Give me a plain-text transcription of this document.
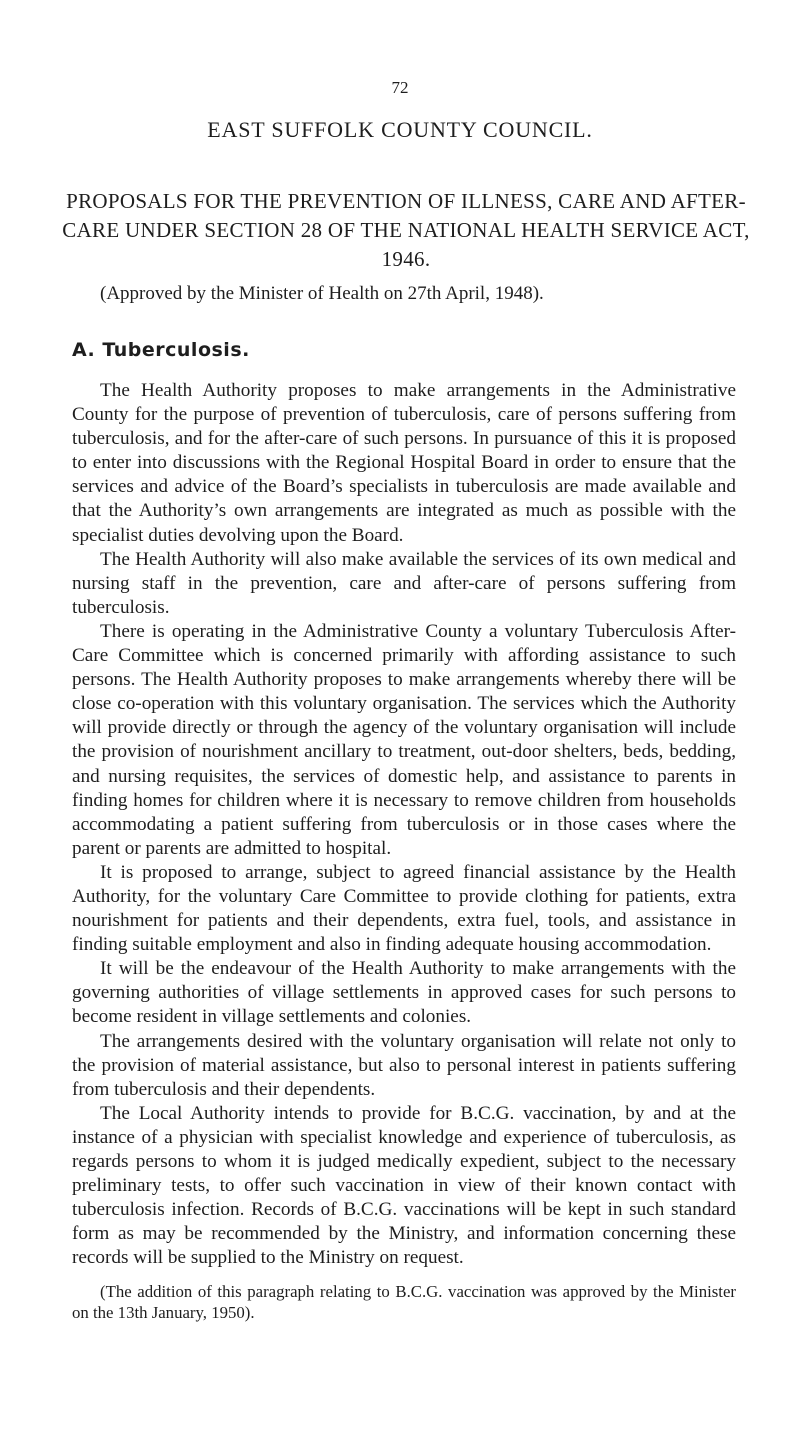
72
EAST SUFFOLK COUNTY COUNCIL.
PROPOSALS FOR THE PREVENTION OF ILLNESS, CARE AND AFTER-CARE UNDER SECTION 28 OF THE NATIONAL HEALTH SERVICE ACT, 1946.
(Approved by the Minister of Health on 27th April, 1948).
A. Tuberculosis.

The Health Authority proposes to make arrangements in the Administrative County for the purpose of prevention of tuberculosis, care of persons suffering from tuberculosis, and for the after-care of such persons. In pursuance of this it is proposed to enter into discussions with the Regional Hospital Board in order to ensure that the services and advice of the Board’s specialists in tuberculosis are made available and that the Authority’s own arrangements are integrated as much as possible with the specialist duties devolving upon the Board.

The Health Authority will also make available the services of its own medical and nursing staff in the prevention, care and after-care of persons suffering from tuberculosis.

There is operating in the Administrative County a voluntary Tuberculosis After-Care Committee which is concerned primarily with affording assistance to such persons. The Health Authority proposes to make arrangements whereby there will be close co-operation with this voluntary organisation. The services which the Authority will provide directly or through the agency of the voluntary organisation will include the provision of nourishment ancillary to treatment, out-door shelters, beds, bedding, and nursing requisites, the services of domestic help, and assistance to parents in finding homes for children where it is necessary to remove children from households accommodating a patient suffering from tuberculosis or in those cases where the parent or parents are admitted to hospital.

It is proposed to arrange, subject to agreed financial assistance by the Health Authority, for the voluntary Care Committee to provide clothing for patients, extra nourishment for patients and their dependents, extra fuel, tools, and assistance in finding suitable employment and also in finding adequate housing accommodation.

It will be the endeavour of the Health Authority to make arrangements with the governing authorities of village settlements in approved cases for such persons to become resident in village settlements and colonies.

The arrangements desired with the voluntary organisation will relate not only to the provision of material assistance, but also to personal interest in patients suffering from tuberculosis and their dependents.

The Local Authority intends to provide for B.C.G. vaccination, by and at the instance of a physician with specialist knowledge and experience of tuberculosis, as regards persons to whom it is judged medically expedient, subject to the necessary preliminary tests, to offer such vaccination in view of their known contact with tuberculosis infection. Records of B.C.G. vaccinations will be kept in such standard form as may be recommended by the Ministry, and information concerning these records will be supplied to the Ministry on request.

(The addition of this paragraph relating to B.C.G. vaccination was approved by the Minister on the 13th January, 1950).
